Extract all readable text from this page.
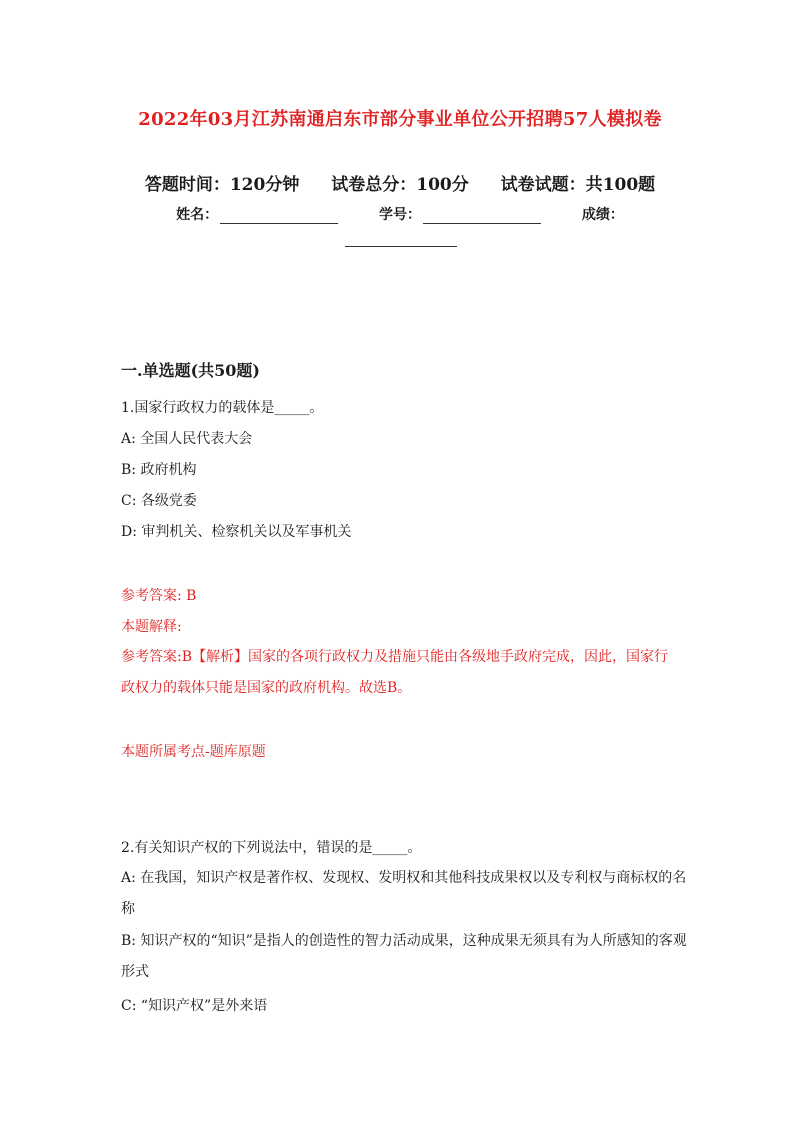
2022年03月江苏南通启东市部分事业单位公开招聘57人模拟卷
答题时间：120分钟 试卷总分：100分 试卷试题：共100题
姓名：	学号：	成绩：
一.单选题(共50题)
1.国家行政权力的载体是_____。
A: 全国人民代表大会
B: 政府机构
C: 各级党委
D: 审判机关、检察机关以及军事机关
参考答案: B
本题解释:
参考答案:B【解析】国家的各项行政权力及措施只能由各级地手政府完成，因此，国家行政权力的载体只能是国家的政府机构。故选B。
本题所属考点-题库原题
2.有关知识产权的下列说法中，错误的是_____。
A: 在我国，知识产权是著作权、发现权、发明权和其他科技成果权以及专利权与商标权的名称
B: 知识产权的“知识”是指人的创造性的智力活动成果，这种成果无须具有为人所感知的客观形式
C: “知识产权”是外来语
